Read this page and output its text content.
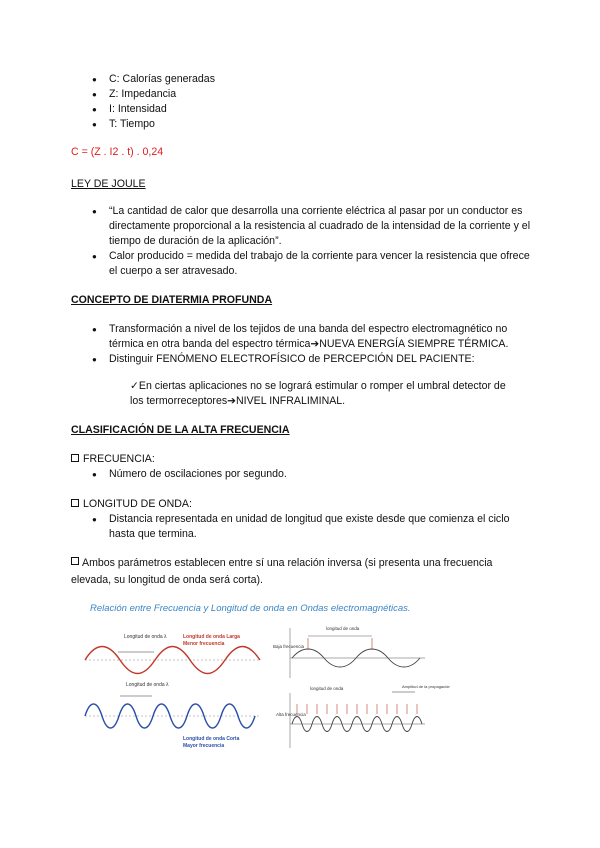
● C: Calorías generadas
● Z: Impedancia
● I: Intensidad
● T: Tiempo
C = (Z . I2 . t) . 0,24
LEY DE JOULE
● “La cantidad de calor que desarrolla una corriente eléctrica al pasar por un conductor es directamente proporcional a la resistencia al cuadrado de la intensidad de la corriente y el tiempo de duración de la aplicación”.
● Calor producido = medida del trabajo de la corriente para vencer la resistencia que ofrece el cuerpo a ser atravesado.
CONCEPTO DE DIATERMIA PROFUNDA
● Transformación a nivel de los tejidos de una banda del espectro electromagnético no térmica en otra banda del espectro térmica➔NUEVA ENERGÍA SIEMPRE TÉRMICA.
● Distinguir FENÓMENO ELECTROFÍSICO de PERCEPCIÓN DEL PACIENTE:
✓En ciertas aplicaciones no se logrará estimular o romper el umbral detector de los termorreceptores➔NIVEL INFRALIMINAL.
CLASIFICACIÓN DE LA ALTA FRECUENCIA
FRECUENCIA:
● Número de oscilaciones por segundo.
LONGITUD DE ONDA:
● Distancia representada en unidad de longitud que existe desde que comienza el ciclo hasta que termina.
Ambos parámetros establecen entre sí una relación inversa (si presenta una frecuencia elevada, su longitud de onda será corta).
Relación entre Frecuencia y Longitud de onda en Ondas electromagnéticas.
Longitud de onda λ	Longitud de onda Larga
Menor frecuencia
Longitud de onda λ
Longitud de onda Corta
Mayor frecuencia
Baja frecuencia
longitud de onda
Alta frecuencia
longitud de onda	Amplitud de la propagación
